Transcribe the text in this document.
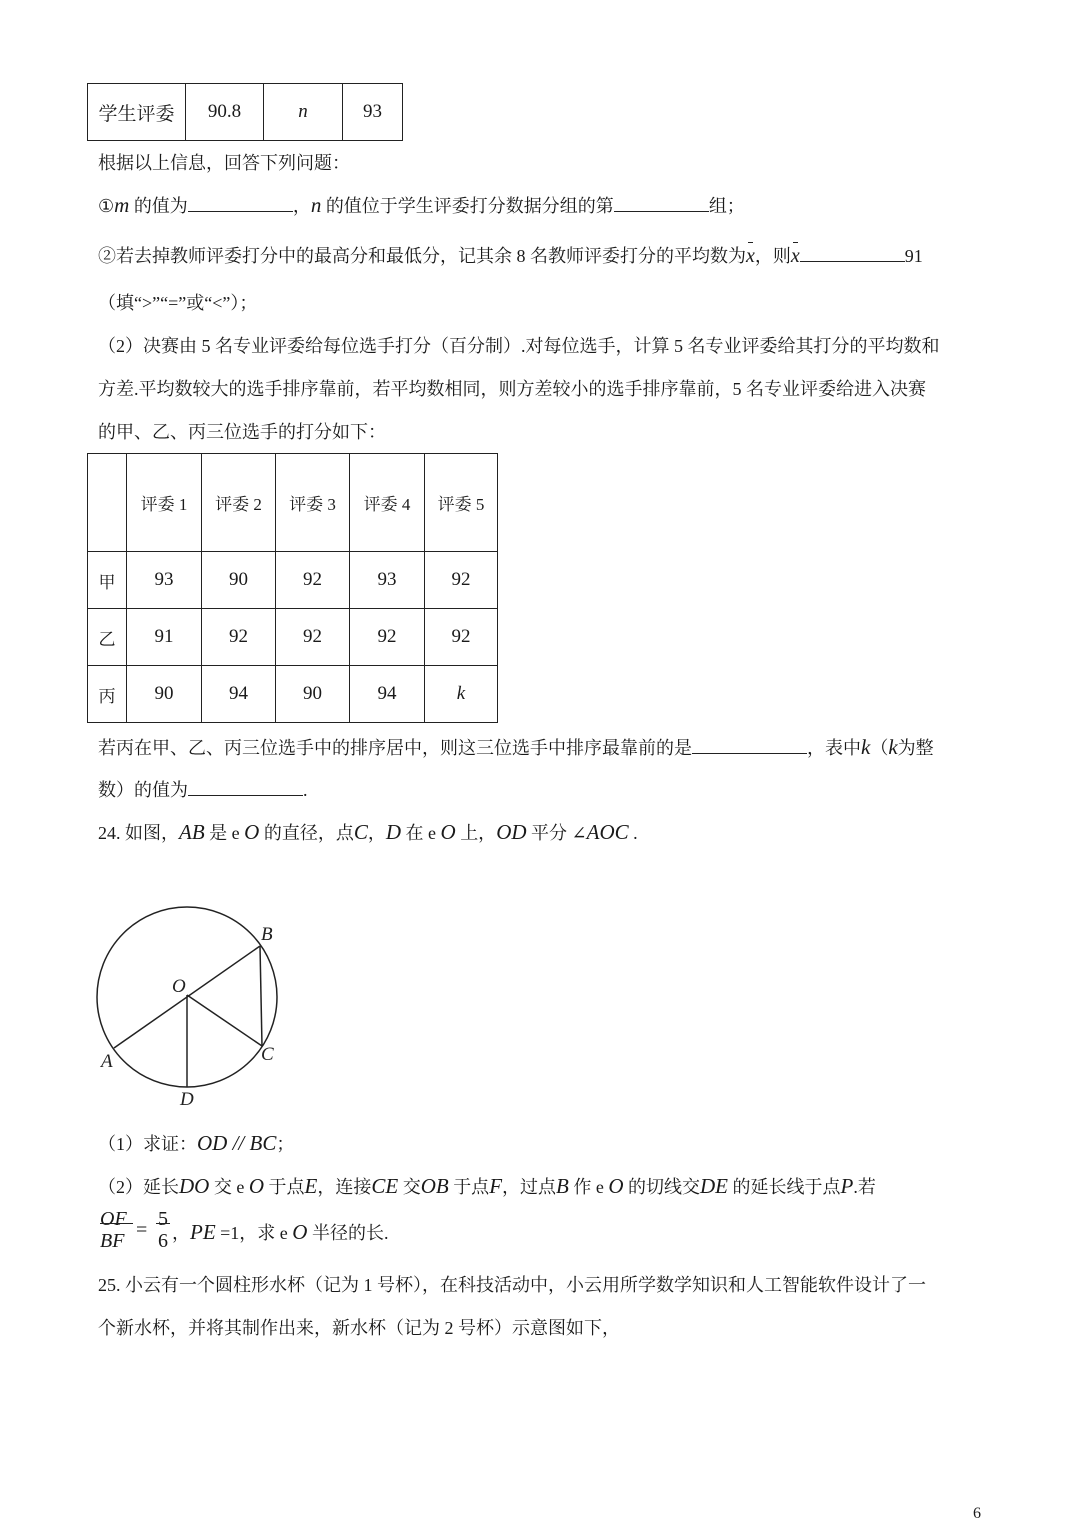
学生评委	90.8	n	93
	评委 1	评委 2	评委 3	评委 4	评委 5
甲	93	90	92	93	92
乙	91	92	92	92	92
丙	90	94	90	94	k
根据以上信息，回答下列问题：
①m 的值为	，n 的值位于学生评委打分数据分组的第	组；
②若去掉教师评委打分中的最高分和最低分，记其余 8 名教师评委打分的平均数为x，则x	91
（填“>”“=”或“<”）；
（2）决赛由 5 名专业评委给每位选手打分（百分制）.对每位选手，计算 5 名专业评委给其打分的平均数和
方差.平均数较大的选手排序靠前，若平均数相同，则方差较小的选手排序靠前，5 名专业评委给进入决赛
的甲、乙、丙三位选手的打分如下：
若丙在甲、乙、丙三位选手中的排序居中，则这三位选手中排序最靠前的是	，表中k（k为整
数）的值为	.
24. 如图，AB 是 e O 的直径，点C，D 在 e O 上，OD 平分 ∠AOC .
（1）求证：OD // BC；
（2）延长DO 交 e O 于点E，连接CE 交OB 于点F，过点B 作 e O 的切线交DE 的延长线于点P.若
25. 小云有一个圆柱形水杯（记为 1 号杯），在科技活动中，小云用所学数学知识和人工智能软件设计了一
个新水杯，并将其制作出来，新水杯（记为 2 号杯）示意图如下，
OF
BF = 5
6 ，PE =1，求 e O 半径的长.
B
O
A	C
D
6
